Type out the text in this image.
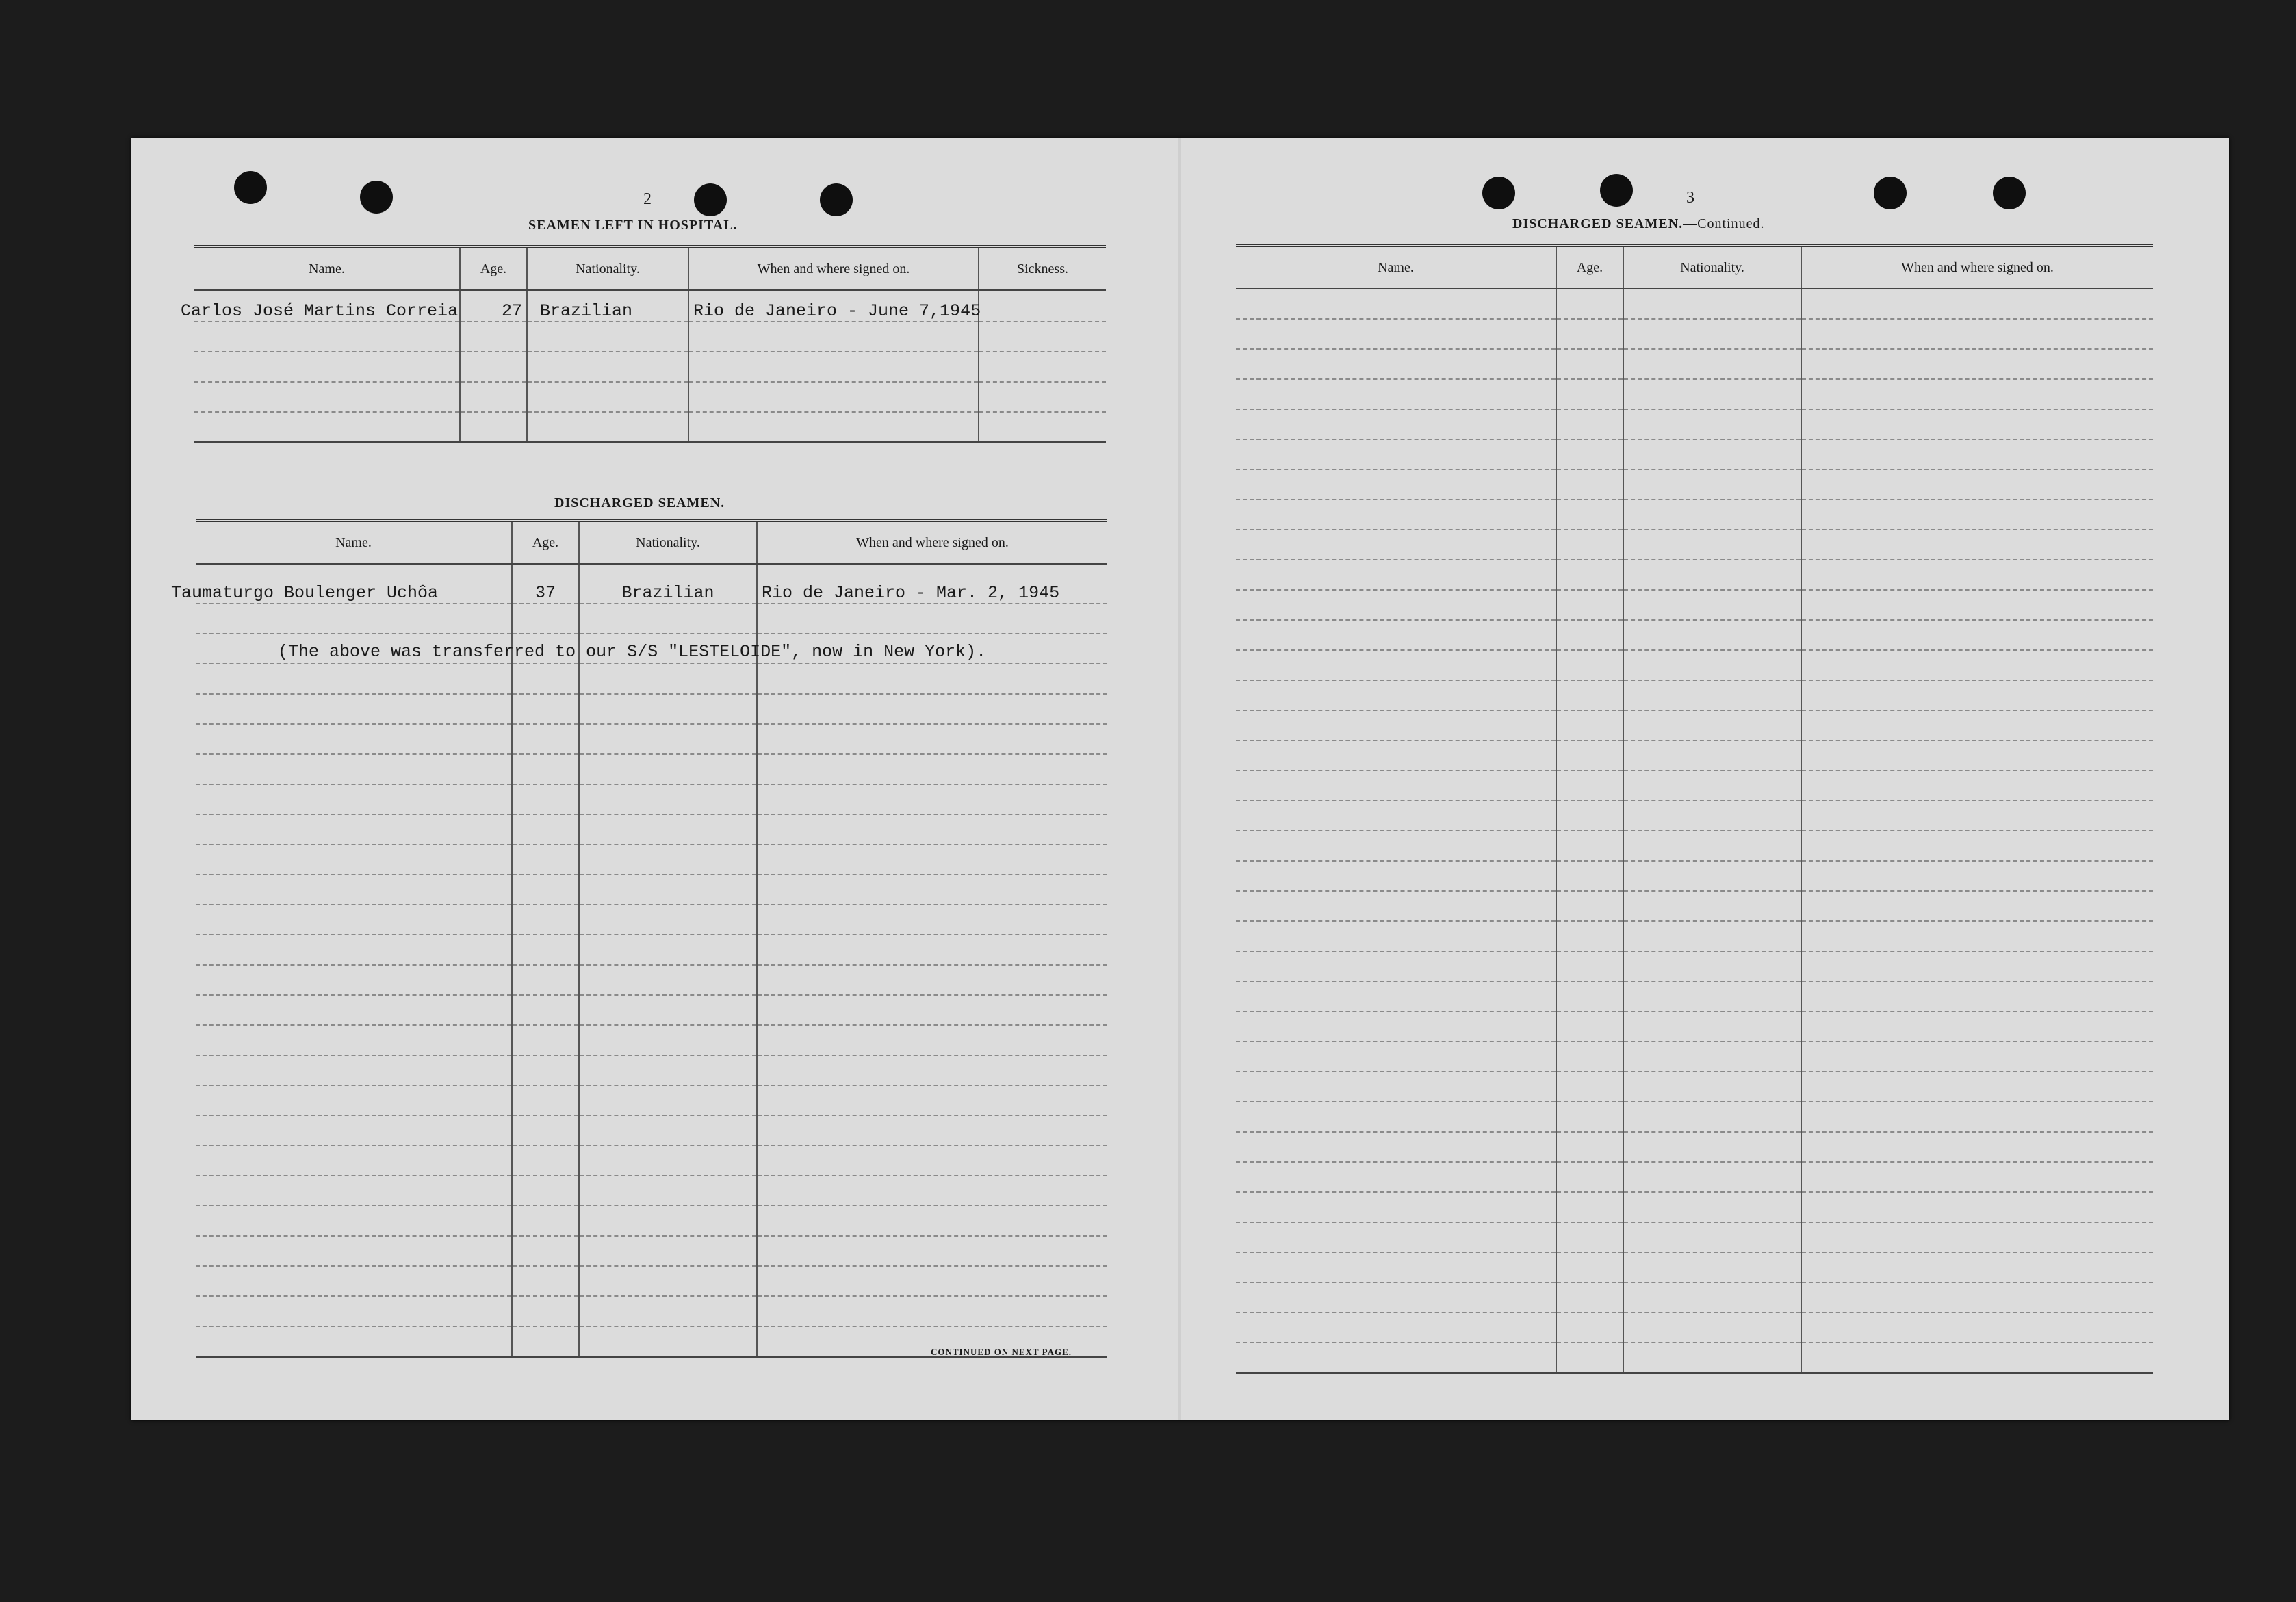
2
SEAMEN LEFT IN HOSPITAL.
Name.	Age.	Nationality.	When and where signed on.	Sickness.
Carlos José Martins Correia	27	Brazilian	Rio de Janeiro - June 7,1945	

DISCHARGED SEAMEN.
Name.	Age.	Nationality.	When and where signed on.
Taumaturgo Boulenger Uchôa	37	Brazilian	Rio de Janeiro - Mar. 2, 1945

(The above was transferred to our S/S "LESTELOIDE", now in New York).
CONTINUED ON NEXT PAGE.
3
DISCHARGED SEAMEN.—Continued.
Name.	Age.	Nationality.	When and where signed on.
